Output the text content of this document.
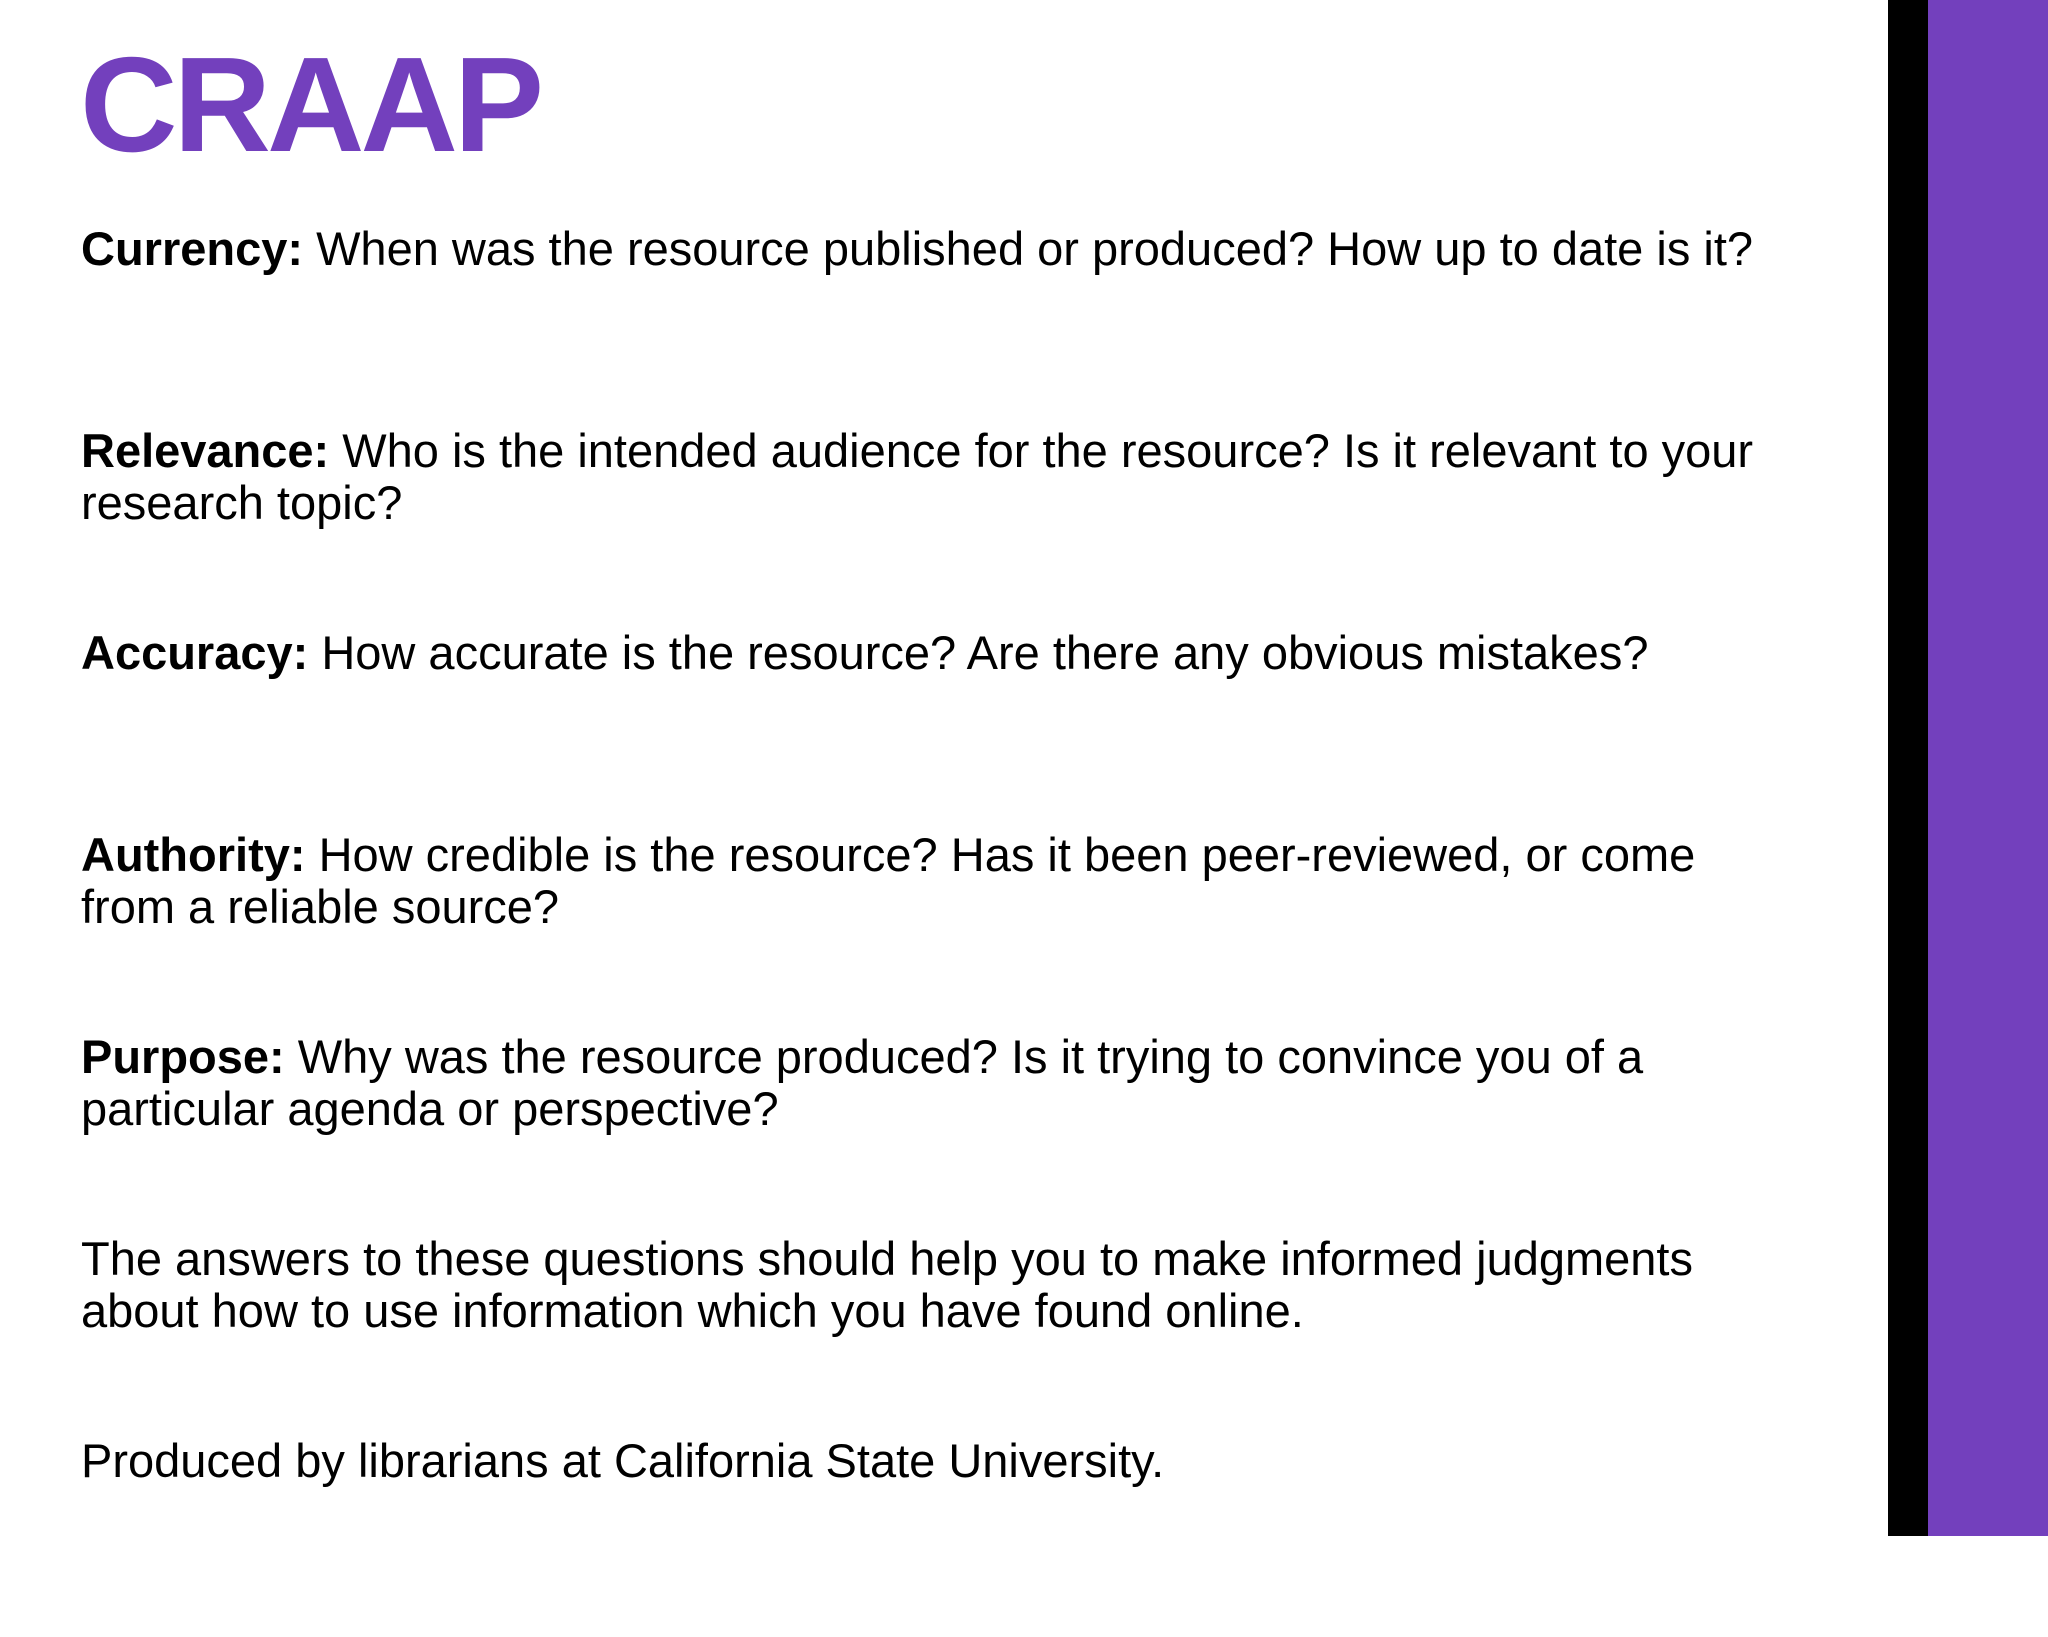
CRAAP

Currency: When was the resource published or produced? How up to date is it?

Relevance: Who is the intended audience for the resource? Is it relevant to your research topic?

Accuracy: How accurate is the resource? Are there any obvious mistakes?

Authority: How credible is the resource? Has it been peer-reviewed, or come from a reliable source?

Purpose: Why was the resource produced? Is it trying to convince you of a particular agenda or perspective?

The answers to these questions should help you to make informed judgments about how to use information which you have found online.

Produced by librarians at California State University.
